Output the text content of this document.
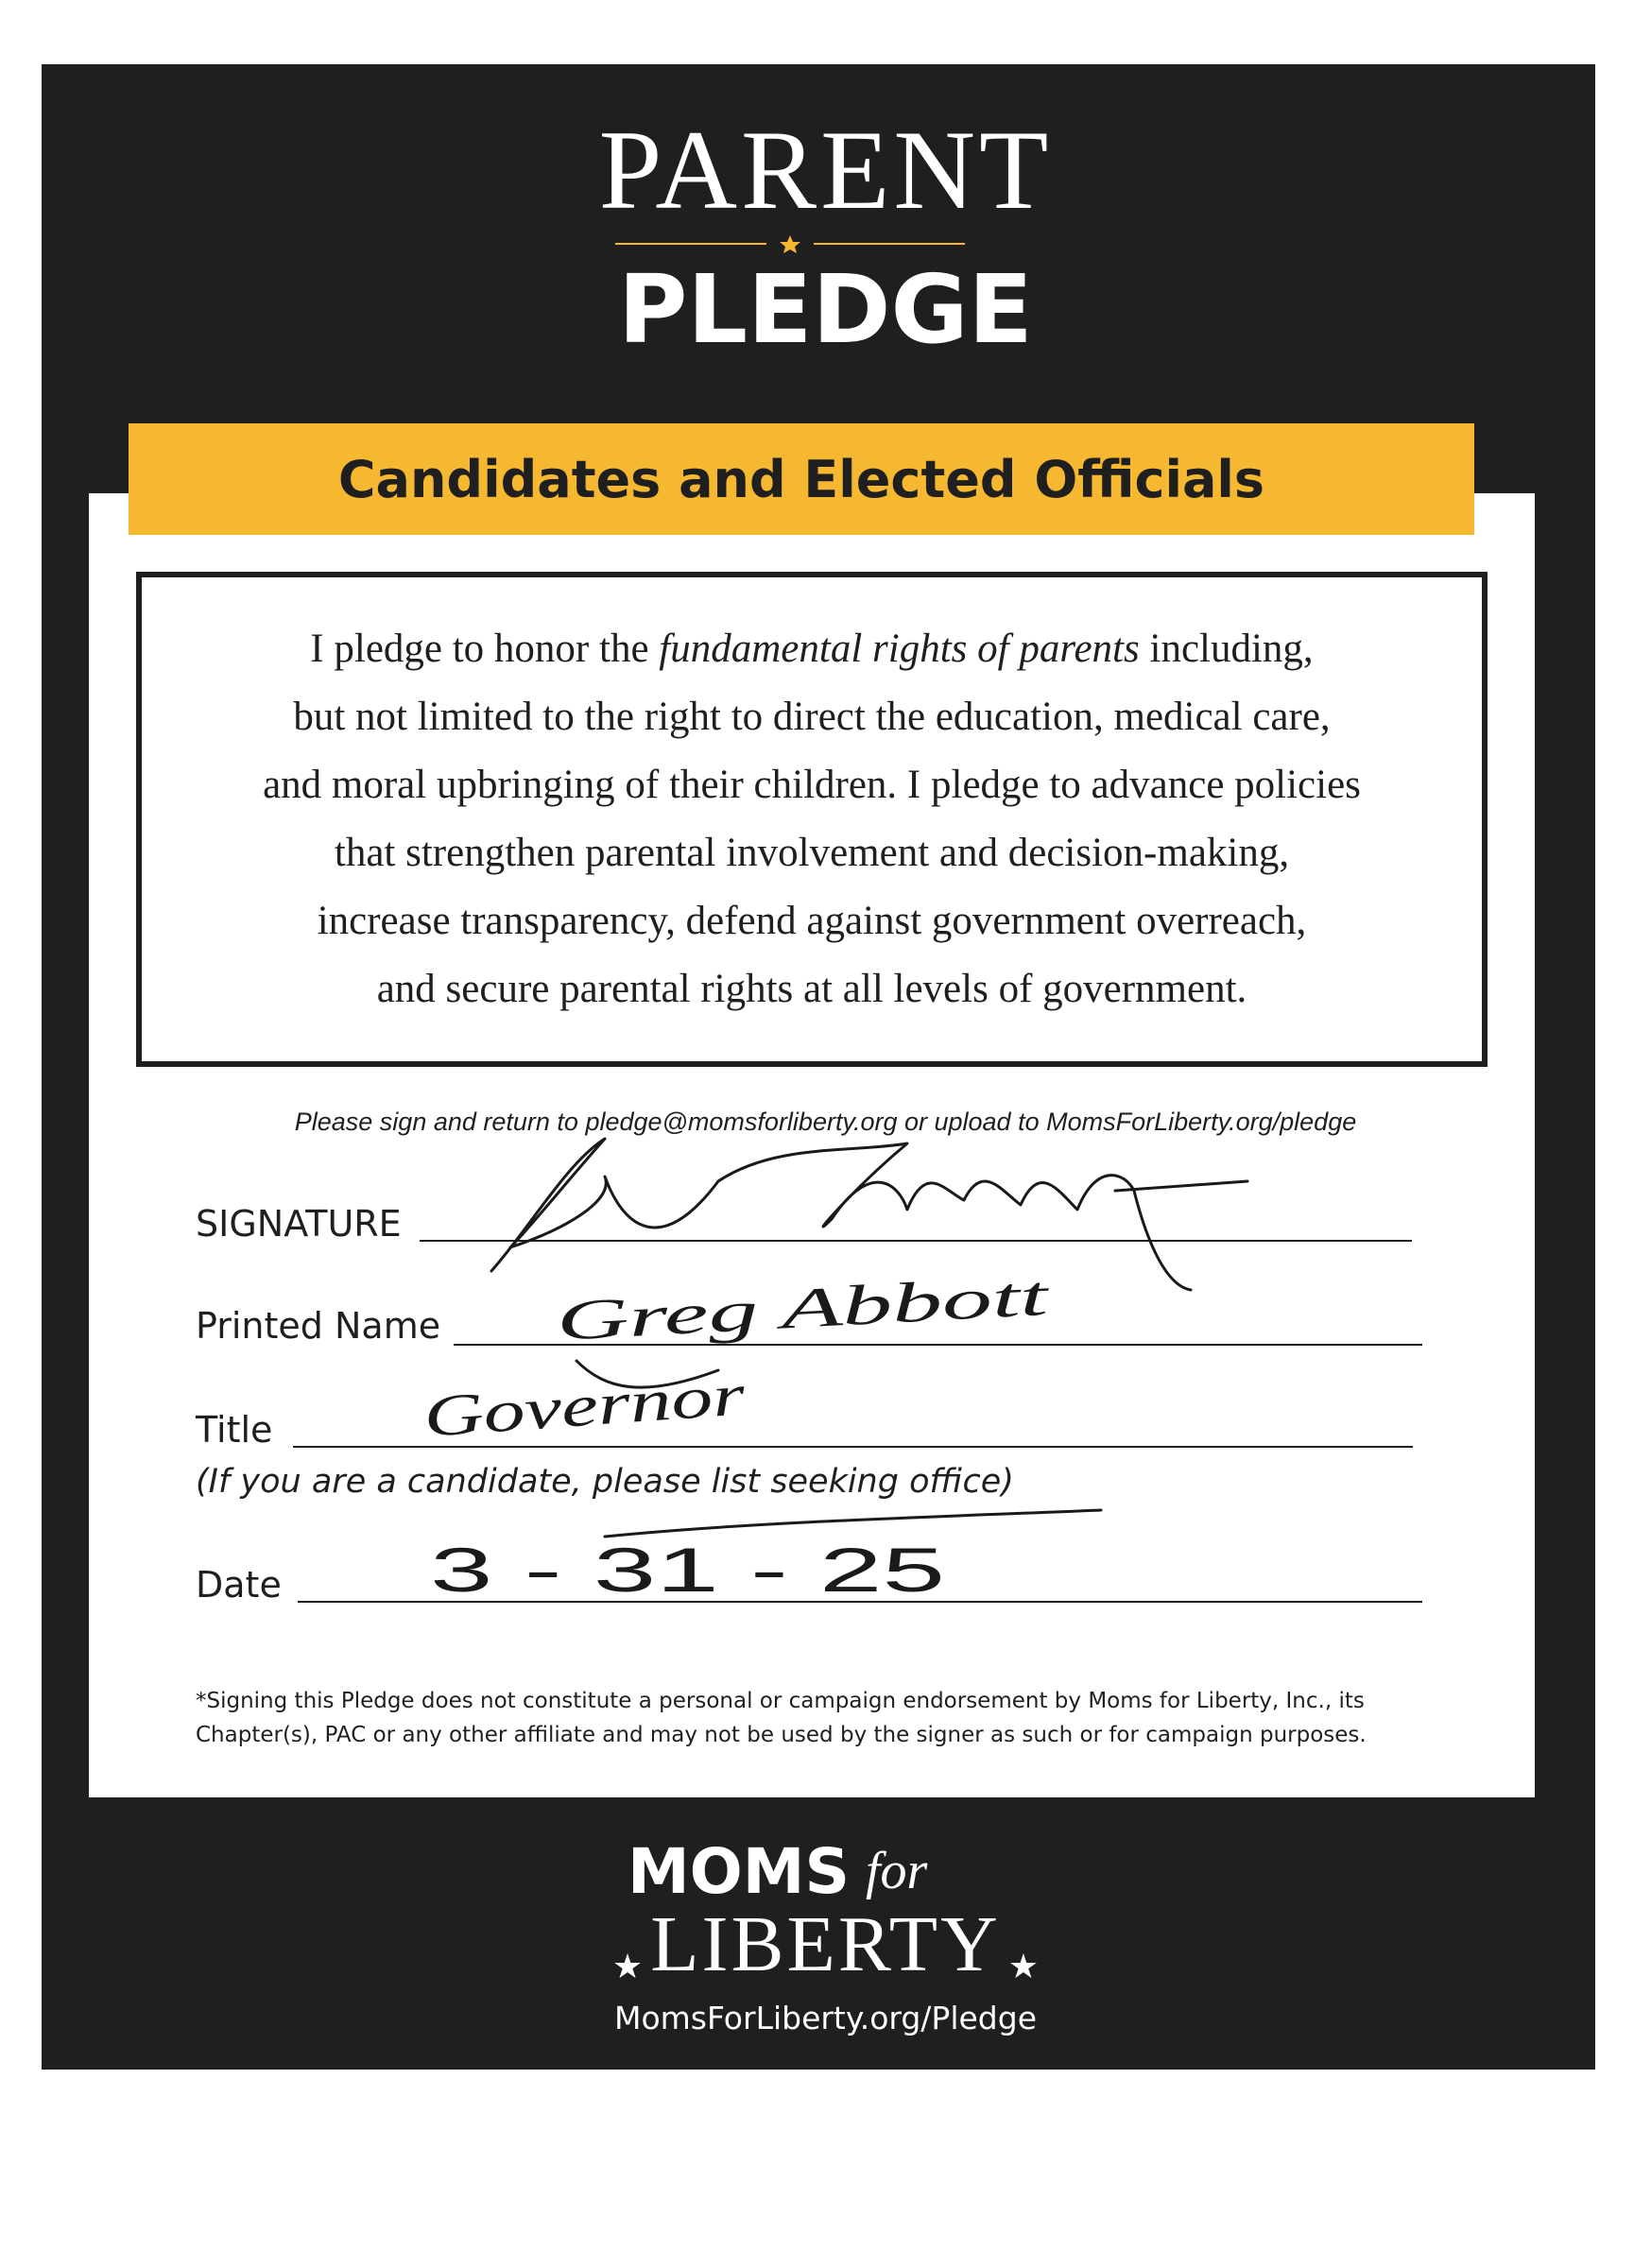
PARENT
PLEDGE
Candidates and Elected Officials
I pledge to honor the fundamental rights of parents including,
but not limited to the right to direct the education, medical care,
and moral upbringing of their children. I pledge to advance policies
that strengthen parental involvement and decision-making,
increase transparency, defend against government overreach,
and secure parental rights at all levels of government.
Please sign and return to pledge@momsforliberty.org or upload to MomsForLiberty.org/pledge
SIGNATURE
Printed Name
Title
(If you are a candidate, please list seeking office)
Date
*Signing this Pledge does not constitute a personal or campaign endorsement by Moms for Liberty, Inc., its Chapter(s), PAC or any other affiliate and may not be used by the signer as such or for campaign purposes.
Greg Abbott
Governor
3 - 31 - 25
MOMS for
★LIBERTY ★
MomsForLiberty.org/Pledge
